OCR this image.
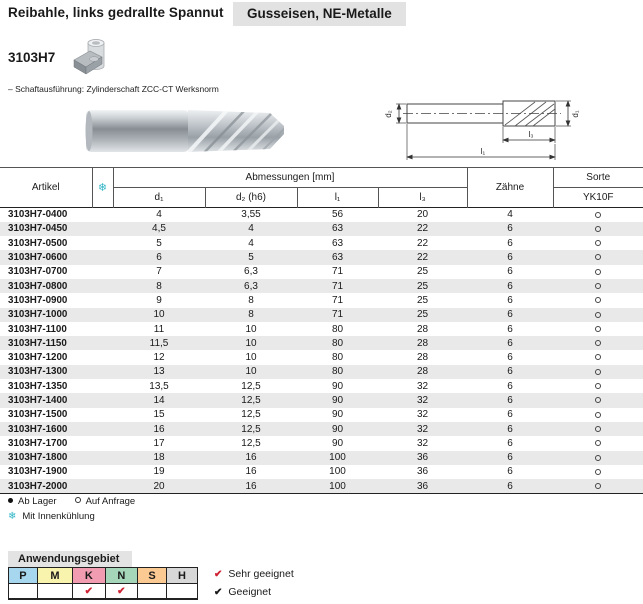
Reibahle, links gedrallte Spannut	Gusseisen, NE-Metalle
3103H7
– Schaftausführung: Zylinderschaft ZCC-CT Werksnorm
d₂	d₁
l₃
l₁
Artikel	❄	Abmessungen [mm]				Zähne	Sorte
		d₁	d₂ (h6)	l₁	l₃		YK10F
3103H7-0400		4	3,55	56	20	4	
3103H7-0450		4,5	4	63	22	6	
3103H7-0500		5	4	63	22	6	
3103H7-0600		6	5	63	22	6	
3103H7-0700		7	6,3	71	25	6	
3103H7-0800		8	6,3	71	25	6	
3103H7-0900		9	8	71	25	6	
3103H7-1000		10	8	71	25	6	
3103H7-1100		11	10	80	28	6	
3103H7-1150		11,5	10	80	28	6	
3103H7-1200		12	10	80	28	6	
3103H7-1300		13	10	80	28	6	
3103H7-1350		13,5	12,5	90	32	6	
3103H7-1400		14	12,5	90	32	6	
3103H7-1500		15	12,5	90	32	6	
3103H7-1600		16	12,5	90	32	6	
3103H7-1700		17	12,5	90	32	6	
3103H7-1800		18	16	100	36	6	
3103H7-1900		19	16	100	36	6	
3103H7-2000		20	16	100	36	6	
Ab Lager	Auf Anfrage
❄ Mit Innenkühlung
Anwendungsgebiet
P	M	K	N	S	H
		✔	✔		
✔ Sehr geeignet
✔ Geeignet
